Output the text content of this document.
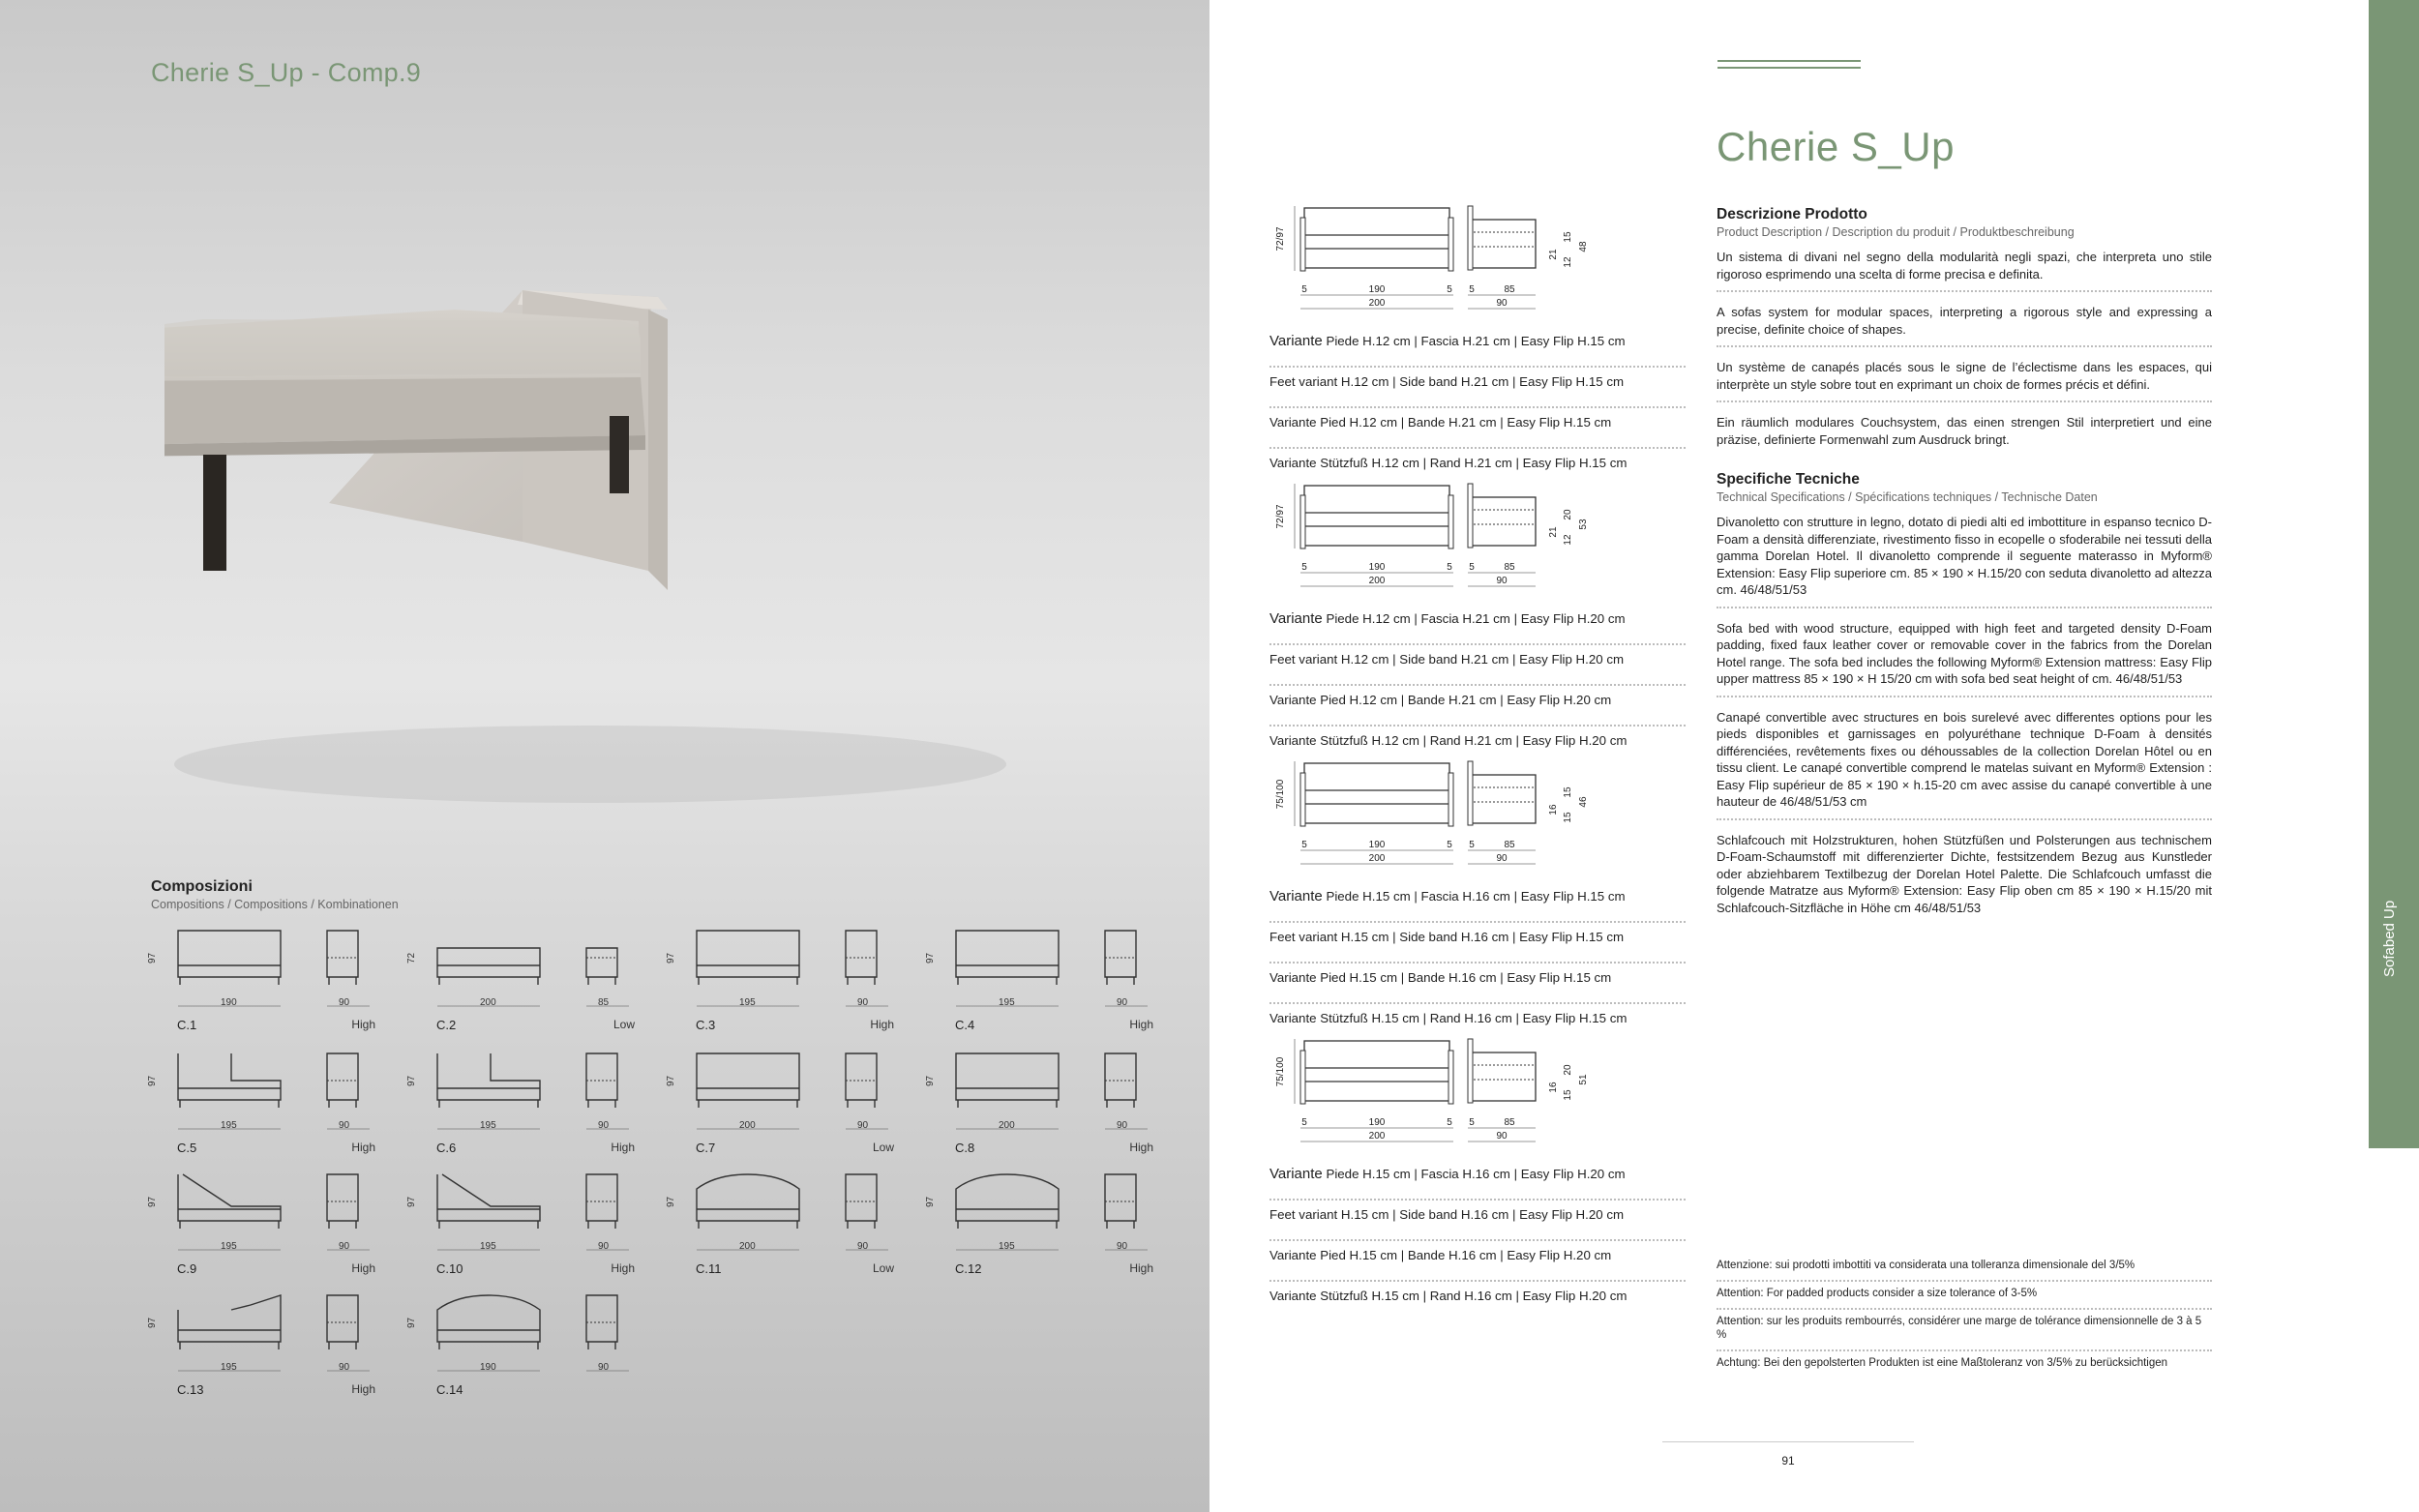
Cherie S_Up - Comp.9
Composizioni
Compositions / Compositions / Kombinationen
97
190	90
C.1	High
72
200	85
C.2	Low
97
195	90
C.3	High
97
195	90
C.4	High
97
195	90
C.5	High
97
195	90
C.6	High
97
200	90
C.7	Low
97
200	90
C.8	High
97
195	90
C.9	High
97
195	90
C.10	High
97
200	90
C.11	Low
97
195	90
C.12	High
97
195	90
C.13	High
97
190	90
C.14
Cherie S_Up
72/97
5	5 5
190
200
85
90
21
12
15
48
Variante Piede H.12 cm | Fascia H.21 cm | Easy Flip H.15 cm
Feet variant H.12 cm | Side band H.21 cm | Easy Flip H.15 cm
Variante Pied H.12 cm | Bande H.21 cm | Easy Flip H.15 cm
Variante Stützfuß H.12 cm | Rand H.21 cm | Easy Flip H.15 cm
72/97
5	5 5
190
200
85
90
21
12
20
53
Variante Piede H.12 cm | Fascia H.21 cm | Easy Flip H.20 cm
Feet variant H.12 cm | Side band H.21 cm | Easy Flip H.20 cm
Variante Pied H.12 cm | Bande H.21 cm | Easy Flip H.20 cm
Variante Stützfuß H.12 cm | Rand H.21 cm | Easy Flip H.20 cm
75/100
5	5 5
190
200
85
90
16
15
15
46
Variante Piede H.15 cm | Fascia H.16 cm | Easy Flip H.15 cm
Feet variant H.15 cm | Side band H.16 cm | Easy Flip H.15 cm
Variante Pied H.15 cm | Bande H.16 cm | Easy Flip H.15 cm
Variante Stützfuß H.15 cm | Rand H.16 cm | Easy Flip H.15 cm
75/100
5	5 5
190
200
85
90
16
15
20
51
Variante Piede H.15 cm | Fascia H.16 cm | Easy Flip H.20 cm
Feet variant H.15 cm | Side band H.16 cm | Easy Flip H.20 cm
Variante Pied H.15 cm | Bande H.16 cm | Easy Flip H.20 cm
Variante Stützfuß H.15 cm | Rand H.16 cm | Easy Flip H.20 cm
Descrizione Prodotto
Product Description / Description du produit / Produktbeschreibung
Un sistema di divani nel segno della modularità negli spazi, che interpreta uno stile rigoroso esprimendo una scelta di forme precisa e definita.
A sofas system for modular spaces, interpreting a rigorous style and expressing a precise, definite choice of shapes.
Un système de canapés placés sous le signe de l’éclectisme dans les espaces, qui interprète un style sobre tout en exprimant un choix de formes précis et défini.
Ein räumlich modulares Couchsystem, das einen strengen Stil interpretiert und eine präzise, definierte Formenwahl zum Ausdruck bringt.
Specifiche Tecniche
Technical Specifications / Spécifications techniques / Technische Daten
Divanoletto con strutture in legno, dotato di piedi alti ed imbottiture in espanso tecnico D-Foam a densità differenziate, rivestimento fisso in ecopelle o sfoderabile nei tessuti della gamma Dorelan Hotel. Il divanoletto comprende il seguente materasso in Myform® Extension: Easy Flip superiore cm. 85 × 190 × H.15/20 con seduta divanoletto ad altezza cm. 46/48/51/53
Sofa bed with wood structure, equipped with high feet and targeted density D-Foam padding, fixed faux leather cover or removable cover in the fabrics from the Dorelan Hotel range. The sofa bed includes the following Myform® Extension mattress: Easy Flip upper mattress 85 × 190 × H 15/20 cm with sofa bed seat height of cm. 46/48/51/53
Canapé convertible avec structures en bois surelevé avec differentes options pour les pieds disponibles et garnissages en polyuréthane technique D-Foam à densités différenciées, revêtements fixes ou déhoussables de la collection Dorelan Hôtel ou en tissu client. Le canapé convertible comprend le matelas suivant en Myform® Extension : Easy Flip supérieur de 85 × 190 × h.15-20 cm avec assise du canapé convertible à une hauteur de 46/48/51/53 cm
Schlafcouch mit Holzstrukturen, hohen Stützfüßen und Polsterungen aus technischem D-Foam-Schaumstoff mit differenzierter Dichte, festsitzendem Bezug aus Kunstleder oder abziehbarem Textilbezug der Dorelan Hotel Palette. Die Schlafcouch umfasst die folgende Matratze aus Myform® Extension: Easy Flip oben cm 85 × 190 × H.15/20 mit Schlafcouch-Sitzfläche in Höhe cm 46/48/51/53
Attenzione: sui prodotti imbottiti va considerata una tolleranza dimensionale del 3/5%
Attention: For padded products consider a size tolerance of 3-5%
Attention: sur les produits rembourrés, considérer une marge de tolérance dimensionnelle de 3 à 5 %
Achtung: Bei den gepolsterten Produkten ist eine Maßtoleranz von 3/5% zu berücksichtigen
91
Sofabed Up
